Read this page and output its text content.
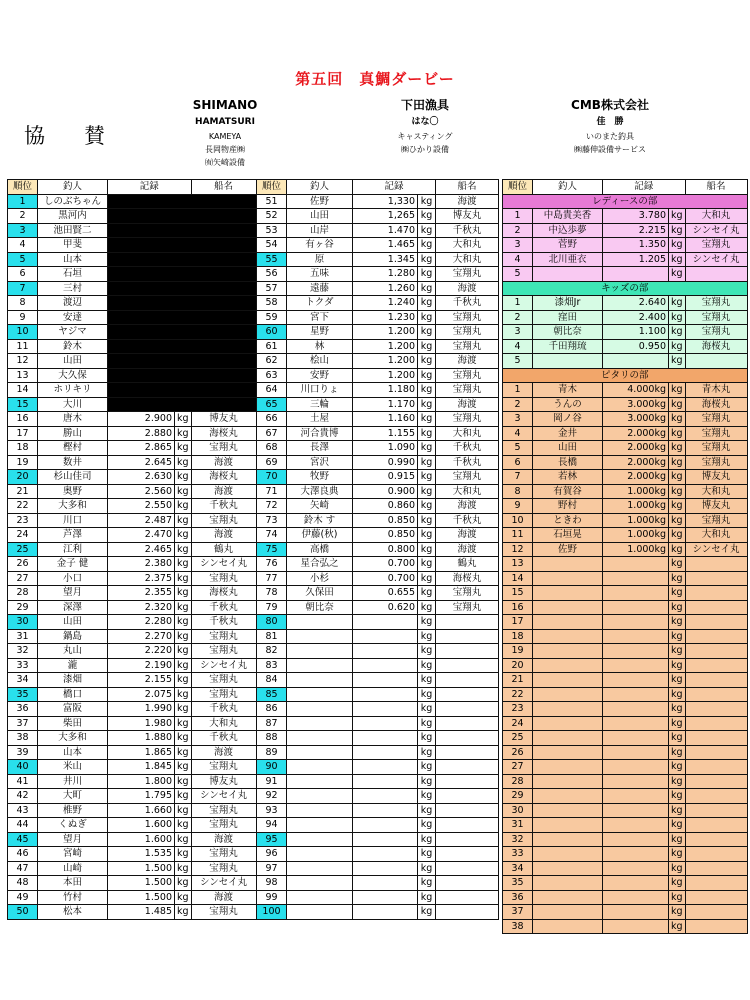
第五回　真鯛ダービー
協　賛
SHIMANO
HAMATSURI
KAMEYA
長岡物産㈱
㈲矢崎設備
下田漁具
はな〇
キャスティング
㈱ひかり設備
CMB株式会社
佳　勝
いのまた釣具
㈱藤伸設備サービス
順位	釣人	記録		船名
1	しのぶちゃん			
2	黒河内			
3	池田賢二			
4	甲斐			
5	山本			
6	石垣			
7	三村			
8	渡辺			
9	安達			
10	ヤジマ			
11	鈴木			
12	山田			
13	大久保			
14	ホリキリ			
15	大川			
16	唐木	2.900	kg	博友丸
17	勝山	2.880	kg	海桜丸
18	樫村	2.865	kg	宝翔丸
19	数井	2.645	kg	海渡
20	杉山佳司	2.630	kg	海桜丸
21	奥野	2.560	kg	海渡
22	大多和	2.550	kg	千秋丸
23	川口	2.487	kg	宝翔丸
24	芦澤	2.470	kg	海渡
25	江利	2.465	kg	鶴丸
26	金子 健	2.380	kg	シンセイ丸
27	小口	2.375	kg	宝翔丸
28	望月	2.355	kg	海桜丸
29	深澤	2.320	kg	千秋丸
30	山田	2.280	kg	千秋丸
31	鍋島	2.270	kg	宝翔丸
32	丸山	2.220	kg	宝翔丸
33	瀧	2.190	kg	シンセイ丸
34	漆畑	2.155	kg	宝翔丸
35	橋口	2.075	kg	宝翔丸
36	富阪	1.990	kg	千秋丸
37	柴田	1.980	kg	大和丸
38	大多和	1.880	kg	千秋丸
39	山本	1.865	kg	海渡
40	米山	1.845	kg	宝翔丸
41	井川	1.800	kg	博友丸
42	大町	1.795	kg	シンセイ丸
43	椎野	1.660	kg	宝翔丸
44	くぬぎ	1.600	kg	宝翔丸
45	望月	1.600	kg	海渡
46	宮崎	1.535	kg	宝翔丸
47	山崎	1.500	kg	宝翔丸
48	本田	1.500	kg	シンセイ丸
49	竹村	1.500	kg	海渡
50	松本	1.485	kg	宝翔丸
順位	釣人	記録		船名
51	佐野	1,330	kg	海渡
52	山田	1,265	kg	博友丸
53	山岸	1.470	kg	千秋丸
54	有ヶ谷	1.465	kg	大和丸
55	原	1.345	kg	大和丸
56	五味	1.280	kg	宝翔丸
57	遠藤	1.260	kg	海渡
58	トクダ	1.240	kg	千秋丸
59	宮下	1.230	kg	宝翔丸
60	星野	1.200	kg	宝翔丸
61	林	1.200	kg	宝翔丸
62	桧山	1.200	kg	海渡
63	安野	1.200	kg	宝翔丸
64	川口りょ	1.180	kg	宝翔丸
65	三輪	1.170	kg	海渡
66	土屋	1.160	kg	宝翔丸
67	河合貴博	1.155	kg	大和丸
68	長澤	1.090	kg	千秋丸
69	宮沢	0.990	kg	千秋丸
70	牧野	0.915	kg	宝翔丸
71	大澤良典	0.900	kg	大和丸
72	矢崎	0.860	kg	海渡
73	鈴木 す	0.850	kg	千秋丸
74	伊藤(秋)	0.850	kg	海渡
75	高橋	0.800	kg	海渡
76	星合弘之	0.700	kg	鶴丸
77	小杉	0.700	kg	海桜丸
78	久保田	0.655	kg	宝翔丸
79	朝比奈	0.620	kg	宝翔丸
80			kg	
81			kg	
82			kg	
83			kg	
84			kg	
85			kg	
86			kg	
87			kg	
88			kg	
89			kg	
90			kg	
91			kg	
92			kg	
93			kg	
94			kg	
95			kg	
96			kg	
97			kg	
98			kg	
99			kg	
100			kg	
順位	釣人	記録		船名
レディースの部				
1	中島貴美香	3.780	kg	大和丸
2	中込歩夢	2.215	kg	シンセイ丸
3	菅野	1.350	kg	宝翔丸
4	北川亜衣	1.205	kg	シンセイ丸
5			kg	
キッズの部				
1	漆畑Jr	2.640	kg	宝翔丸
2	窪田	2.400	kg	宝翔丸
3	朝比奈	1.100	kg	宝翔丸
4	千田翔琉	0.950	kg	海桜丸
5			kg	
ピタリの部				
1	青木	4.000kg	kg	青木丸
2	うんの	3.000kg	kg	海桜丸
3	岡ノ谷	3.000kg	kg	宝翔丸
4	金井	2.000kg	kg	宝翔丸
5	山田	2.000kg	kg	宝翔丸
6	長橋	2.000kg	kg	宝翔丸
7	若林	2.000kg	kg	博友丸
8	有賀谷	1.000kg	kg	大和丸
9	野村	1.000kg	kg	博友丸
10	ときわ	1.000kg	kg	宝翔丸
11	石垣晃	1.000kg	kg	大和丸
12	佐野	1.000kg	kg	シンセイ丸
13			kg	
14			kg	
15			kg	
16			kg	
17			kg	
18			kg	
19			kg	
20			kg	
21			kg	
22			kg	
23			kg	
24			kg	
25			kg	
26			kg	
27			kg	
28			kg	
29			kg	
30			kg	
31			kg	
32			kg	
33			kg	
34			kg	
35			kg	
36			kg	
37			kg	
38			kg	
